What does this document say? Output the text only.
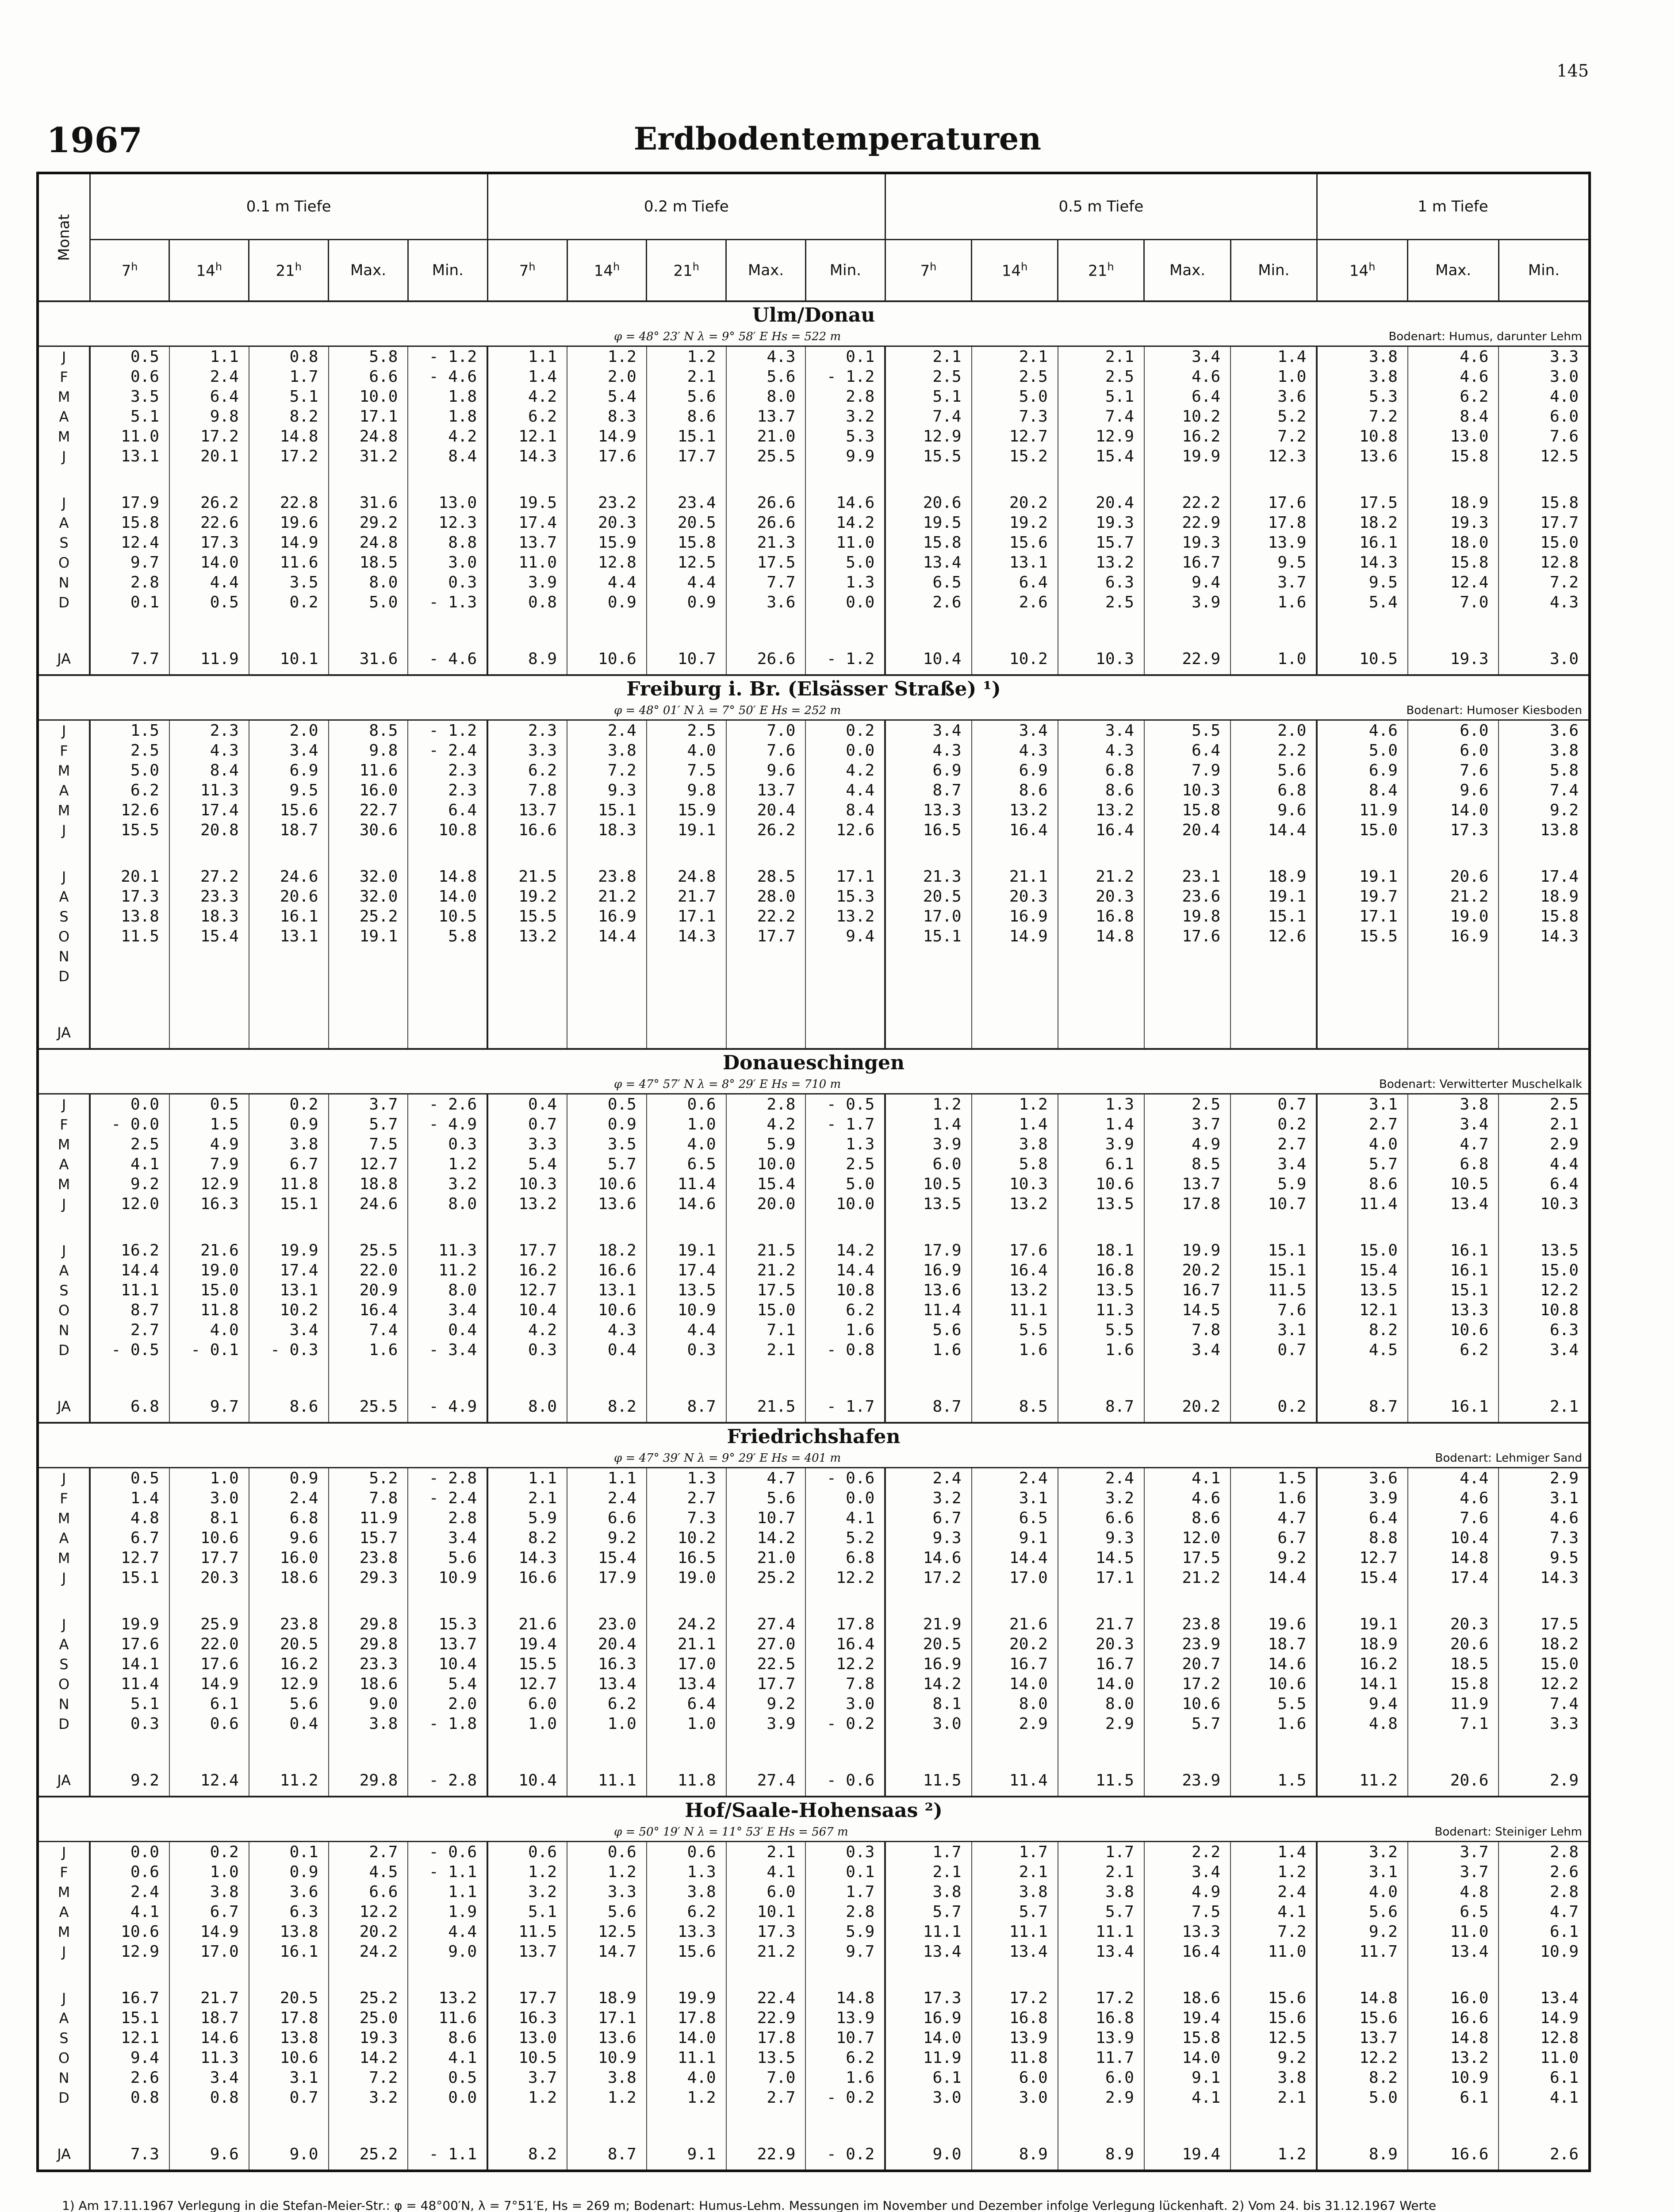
145
1967	Erdbodentemperaturen
Monat	0.1 m Tiefe					0.2 m Tiefe					0.5 m Tiefe					1 m Tiefe		
	7$^h$	14$^h$	21$^h$	Max.	Min.	7$^h$	14$^h$	21$^h$	Max.	Min.	7$^h$	14$^h$	21$^h$	Max.	Min.	14$^h$	Max.	Min.
Ulm/Donau																		
φ = 48° 23′ N λ = 9° 58′ E Hs = 522 m												Bodenart: Humus, darunter Lehm						
J	0.5	1.1	0.8	5.8	- 1.2	1.1	1.2	1.2	4.3	0.1	2.1	2.1	2.1	3.4	1.4	3.8	4.6	3.3
F	0.6	2.4	1.7	6.6	- 4.6	1.4	2.0	2.1	5.6	- 1.2	2.5	2.5	2.5	4.6	1.0	3.8	4.6	3.0
M	3.5	6.4	5.1	10.0	1.8	4.2	5.4	5.6	8.0	2.8	5.1	5.0	5.1	6.4	3.6	5.3	6.2	4.0
A	5.1	9.8	8.2	17.1	1.8	6.2	8.3	8.6	13.7	3.2	7.4	7.3	7.4	10.2	5.2	7.2	8.4	6.0
M	11.0	17.2	14.8	24.8	4.2	12.1	14.9	15.1	21.0	5.3	12.9	12.7	12.9	16.2	7.2	10.8	13.0	7.6
J	13.1	20.1	17.2	31.2	8.4	14.3	17.6	17.7	25.5	9.9	15.5	15.2	15.4	19.9	12.3	13.6	15.8	12.5
J	17.9	26.2	22.8	31.6	13.0	19.5	23.2	23.4	26.6	14.6	20.6	20.2	20.4	22.2	17.6	17.5	18.9	15.8
A	15.8	22.6	19.6	29.2	12.3	17.4	20.3	20.5	26.6	14.2	19.5	19.2	19.3	22.9	17.8	18.2	19.3	17.7
S	12.4	17.3	14.9	24.8	8.8	13.7	15.9	15.8	21.3	11.0	15.8	15.6	15.7	19.3	13.9	16.1	18.0	15.0
O	9.7	14.0	11.6	18.5	3.0	11.0	12.8	12.5	17.5	5.0	13.4	13.1	13.2	16.7	9.5	14.3	15.8	12.8
N	2.8	4.4	3.5	8.0	0.3	3.9	4.4	4.4	7.7	1.3	6.5	6.4	6.3	9.4	3.7	9.5	12.4	7.2
D	0.1	0.5	0.2	5.0	- 1.3	0.8	0.9	0.9	3.6	0.0	2.6	2.6	2.5	3.9	1.6	5.4	7.0	4.3
JA	7.7	11.9	10.1	31.6	- 4.6	8.9	10.6	10.7	26.6	- 1.2	10.4	10.2	10.3	22.9	1.0	10.5	19.3	3.0
Freiburg i. Br. (Elsässer Straße) ¹)																		
φ = 48° 01′ N λ = 7° 50′ E Hs = 252 m												Bodenart: Humoser Kiesboden						
J	1.5	2.3	2.0	8.5	- 1.2	2.3	2.4	2.5	7.0	0.2	3.4	3.4	3.4	5.5	2.0	4.6	6.0	3.6
F	2.5	4.3	3.4	9.8	- 2.4	3.3	3.8	4.0	7.6	0.0	4.3	4.3	4.3	6.4	2.2	5.0	6.0	3.8
M	5.0	8.4	6.9	11.6	2.3	6.2	7.2	7.5	9.6	4.2	6.9	6.9	6.8	7.9	5.6	6.9	7.6	5.8
A	6.2	11.3	9.5	16.0	2.3	7.8	9.3	9.8	13.7	4.4	8.7	8.6	8.6	10.3	6.8	8.4	9.6	7.4
M	12.6	17.4	15.6	22.7	6.4	13.7	15.1	15.9	20.4	8.4	13.3	13.2	13.2	15.8	9.6	11.9	14.0	9.2
J	15.5	20.8	18.7	30.6	10.8	16.6	18.3	19.1	26.2	12.6	16.5	16.4	16.4	20.4	14.4	15.0	17.3	13.8
J	20.1	27.2	24.6	32.0	14.8	21.5	23.8	24.8	28.5	17.1	21.3	21.1	21.2	23.1	18.9	19.1	20.6	17.4
A	17.3	23.3	20.6	32.0	14.0	19.2	21.2	21.7	28.0	15.3	20.5	20.3	20.3	23.6	19.1	19.7	21.2	18.9
S	13.8	18.3	16.1	25.2	10.5	15.5	16.9	17.1	22.2	13.2	17.0	16.9	16.8	19.8	15.1	17.1	19.0	15.8
O	11.5	15.4	13.1	19.1	5.8	13.2	14.4	14.3	17.7	9.4	15.1	14.9	14.8	17.6	12.6	15.5	16.9	14.3
N																		
D																		
JA																		
Donaueschingen																		
φ = 47° 57′ N λ = 8° 29′ E Hs = 710 m												Bodenart: Verwitterter Muschelkalk						
J	0.0	0.5	0.2	3.7	- 2.6	0.4	0.5	0.6	2.8	- 0.5	1.2	1.2	1.3	2.5	0.7	3.1	3.8	2.5
F	- 0.0	1.5	0.9	5.7	- 4.9	0.7	0.9	1.0	4.2	- 1.7	1.4	1.4	1.4	3.7	0.2	2.7	3.4	2.1
M	2.5	4.9	3.8	7.5	0.3	3.3	3.5	4.0	5.9	1.3	3.9	3.8	3.9	4.9	2.7	4.0	4.7	2.9
A	4.1	7.9	6.7	12.7	1.2	5.4	5.7	6.5	10.0	2.5	6.0	5.8	6.1	8.5	3.4	5.7	6.8	4.4
M	9.2	12.9	11.8	18.8	3.2	10.3	10.6	11.4	15.4	5.0	10.5	10.3	10.6	13.7	5.9	8.6	10.5	6.4
J	12.0	16.3	15.1	24.6	8.0	13.2	13.6	14.6	20.0	10.0	13.5	13.2	13.5	17.8	10.7	11.4	13.4	10.3
J	16.2	21.6	19.9	25.5	11.3	17.7	18.2	19.1	21.5	14.2	17.9	17.6	18.1	19.9	15.1	15.0	16.1	13.5
A	14.4	19.0	17.4	22.0	11.2	16.2	16.6	17.4	21.2	14.4	16.9	16.4	16.8	20.2	15.1	15.4	16.1	15.0
S	11.1	15.0	13.1	20.9	8.0	12.7	13.1	13.5	17.5	10.8	13.6	13.2	13.5	16.7	11.5	13.5	15.1	12.2
O	8.7	11.8	10.2	16.4	3.4	10.4	10.6	10.9	15.0	6.2	11.4	11.1	11.3	14.5	7.6	12.1	13.3	10.8
N	2.7	4.0	3.4	7.4	0.4	4.2	4.3	4.4	7.1	1.6	5.6	5.5	5.5	7.8	3.1	8.2	10.6	6.3
D	- 0.5	- 0.1	- 0.3	1.6	- 3.4	0.3	0.4	0.3	2.1	- 0.8	1.6	1.6	1.6	3.4	0.7	4.5	6.2	3.4
JA	6.8	9.7	8.6	25.5	- 4.9	8.0	8.2	8.7	21.5	- 1.7	8.7	8.5	8.7	20.2	0.2	8.7	16.1	2.1
Friedrichshafen																		
φ = 47° 39′ N λ = 9° 29′ E Hs = 401 m												Bodenart: Lehmiger Sand						
J	0.5	1.0	0.9	5.2	- 2.8	1.1	1.1	1.3	4.7	- 0.6	2.4	2.4	2.4	4.1	1.5	3.6	4.4	2.9
F	1.4	3.0	2.4	7.8	- 2.4	2.1	2.4	2.7	5.6	0.0	3.2	3.1	3.2	4.6	1.6	3.9	4.6	3.1
M	4.8	8.1	6.8	11.9	2.8	5.9	6.6	7.3	10.7	4.1	6.7	6.5	6.6	8.6	4.7	6.4	7.6	4.6
A	6.7	10.6	9.6	15.7	3.4	8.2	9.2	10.2	14.2	5.2	9.3	9.1	9.3	12.0	6.7	8.8	10.4	7.3
M	12.7	17.7	16.0	23.8	5.6	14.3	15.4	16.5	21.0	6.8	14.6	14.4	14.5	17.5	9.2	12.7	14.8	9.5
J	15.1	20.3	18.6	29.3	10.9	16.6	17.9	19.0	25.2	12.2	17.2	17.0	17.1	21.2	14.4	15.4	17.4	14.3
J	19.9	25.9	23.8	29.8	15.3	21.6	23.0	24.2	27.4	17.8	21.9	21.6	21.7	23.8	19.6	19.1	20.3	17.5
A	17.6	22.0	20.5	29.8	13.7	19.4	20.4	21.1	27.0	16.4	20.5	20.2	20.3	23.9	18.7	18.9	20.6	18.2
S	14.1	17.6	16.2	23.3	10.4	15.5	16.3	17.0	22.5	12.2	16.9	16.7	16.7	20.7	14.6	16.2	18.5	15.0
O	11.4	14.9	12.9	18.6	5.4	12.7	13.4	13.4	17.7	7.8	14.2	14.0	14.0	17.2	10.6	14.1	15.8	12.2
N	5.1	6.1	5.6	9.0	2.0	6.0	6.2	6.4	9.2	3.0	8.1	8.0	8.0	10.6	5.5	9.4	11.9	7.4
D	0.3	0.6	0.4	3.8	- 1.8	1.0	1.0	1.0	3.9	- 0.2	3.0	2.9	2.9	5.7	1.6	4.8	7.1	3.3
JA	9.2	12.4	11.2	29.8	- 2.8	10.4	11.1	11.8	27.4	- 0.6	11.5	11.4	11.5	23.9	1.5	11.2	20.6	2.9
Hof/Saale-Hohensaas ²)																		
φ = 50° 19′ N λ = 11° 53′ E Hs = 567 m												Bodenart: Steiniger Lehm						
J	0.0	0.2	0.1	2.7	- 0.6	0.6	0.6	0.6	2.1	0.3	1.7	1.7	1.7	2.2	1.4	3.2	3.7	2.8
F	0.6	1.0	0.9	4.5	- 1.1	1.2	1.2	1.3	4.1	0.1	2.1	2.1	2.1	3.4	1.2	3.1	3.7	2.6
M	2.4	3.8	3.6	6.6	1.1	3.2	3.3	3.8	6.0	1.7	3.8	3.8	3.8	4.9	2.4	4.0	4.8	2.8
A	4.1	6.7	6.3	12.2	1.9	5.1	5.6	6.2	10.1	2.8	5.7	5.7	5.7	7.5	4.1	5.6	6.5	4.7
M	10.6	14.9	13.8	20.2	4.4	11.5	12.5	13.3	17.3	5.9	11.1	11.1	11.1	13.3	7.2	9.2	11.0	6.1
J	12.9	17.0	16.1	24.2	9.0	13.7	14.7	15.6	21.2	9.7	13.4	13.4	13.4	16.4	11.0	11.7	13.4	10.9
J	16.7	21.7	20.5	25.2	13.2	17.7	18.9	19.9	22.4	14.8	17.3	17.2	17.2	18.6	15.6	14.8	16.0	13.4
A	15.1	18.7	17.8	25.0	11.6	16.3	17.1	17.8	22.9	13.9	16.9	16.8	16.8	19.4	15.6	15.6	16.6	14.9
S	12.1	14.6	13.8	19.3	8.6	13.0	13.6	14.0	17.8	10.7	14.0	13.9	13.9	15.8	12.5	13.7	14.8	12.8
O	9.4	11.3	10.6	14.2	4.1	10.5	10.9	11.1	13.5	6.2	11.9	11.8	11.7	14.0	9.2	12.2	13.2	11.0
N	2.6	3.4	3.1	7.2	0.5	3.7	3.8	4.0	7.0	1.6	6.1	6.0	6.0	9.1	3.8	8.2	10.9	6.1
D	0.8	0.8	0.7	3.2	0.0	1.2	1.2	1.2	2.7	- 0.2	3.0	3.0	2.9	4.1	2.1	5.0	6.1	4.1
JA	7.3	9.6	9.0	25.2	- 1.1	8.2	8.7	9.1	22.9	- 0.2	9.0	8.9	8.9	19.4	1.2	8.9	16.6	2.6
1) Am 17.11.1967 Verlegung in die Stefan-Meier-Str.: φ = 48°00′N, λ = 7°51′E, Hs = 269 m; Bodenart: Humus-Lehm. Messungen im November und Dezember infolge Verlegung lückenhaft. 2) Vom 24. bis 31.12.1967 Werte
